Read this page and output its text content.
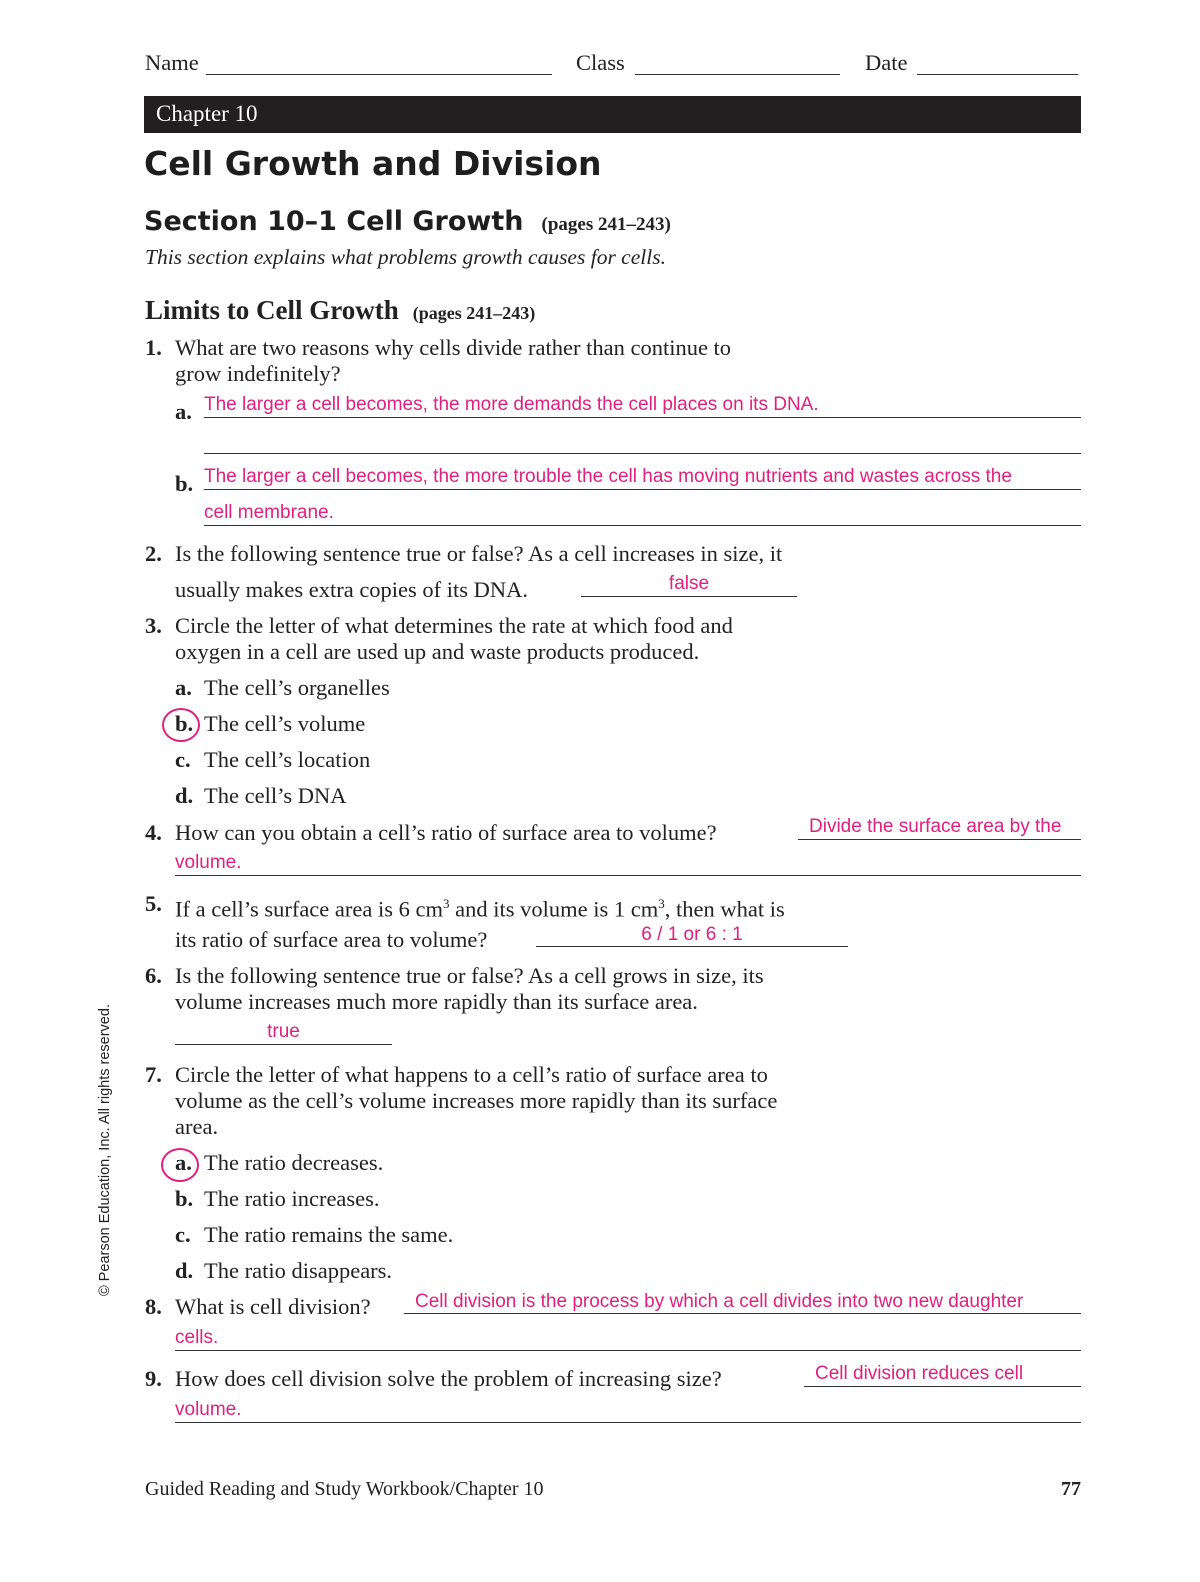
Name	Class	Date
Chapter 10
Cell Growth and Division
Section 10–1 Cell Growth (pages 241–243)
This section explains what problems growth causes for cells.
Limits to Cell Growth (pages 241–243)
1. What are two reasons why cells divide rather than continue to
grow indefinitely?
a. The larger a cell becomes, the more demands the cell places on its DNA.
b. The larger a cell becomes, the more trouble the cell has moving nutrients and wastes across the
cell membrane.
2. Is the following sentence true or false? As a cell increases in size, it
usually makes extra copies of its DNA.	false
3. Circle the letter of what determines the rate at which food and
oxygen in a cell are used up and waste products produced.
a. The cell’s organelles
b. The cell’s volume
c. The cell’s location
d. The cell’s DNA
4. How can you obtain a cell’s ratio of surface area to volume?	Divide the surface area by the
volume.
5. If a cell’s surface area is 6 $cm^3$ and its volume is 1 $cm^3$, then what is
its ratio of surface area to volume?	6 / 1 or 6 : 1
6. Is the following sentence true or false? As a cell grows in size, its
volume increases much more rapidly than its surface area.
true
7. Circle the letter of what happens to a cell’s ratio of surface area to
volume as the cell’s volume increases more rapidly than its surface
area.
a. The ratio decreases.
b. The ratio increases.
c. The ratio remains the same.
d. The ratio disappears.
8. What is cell division? Cell division is the process by which a cell divides into two new daughter
cells.
9. How does cell division solve the problem of increasing size?	Cell division reduces cell
volume.
© Pearson Education, Inc. All rights reserved.
Guided Reading and Study Workbook/Chapter 10	77
